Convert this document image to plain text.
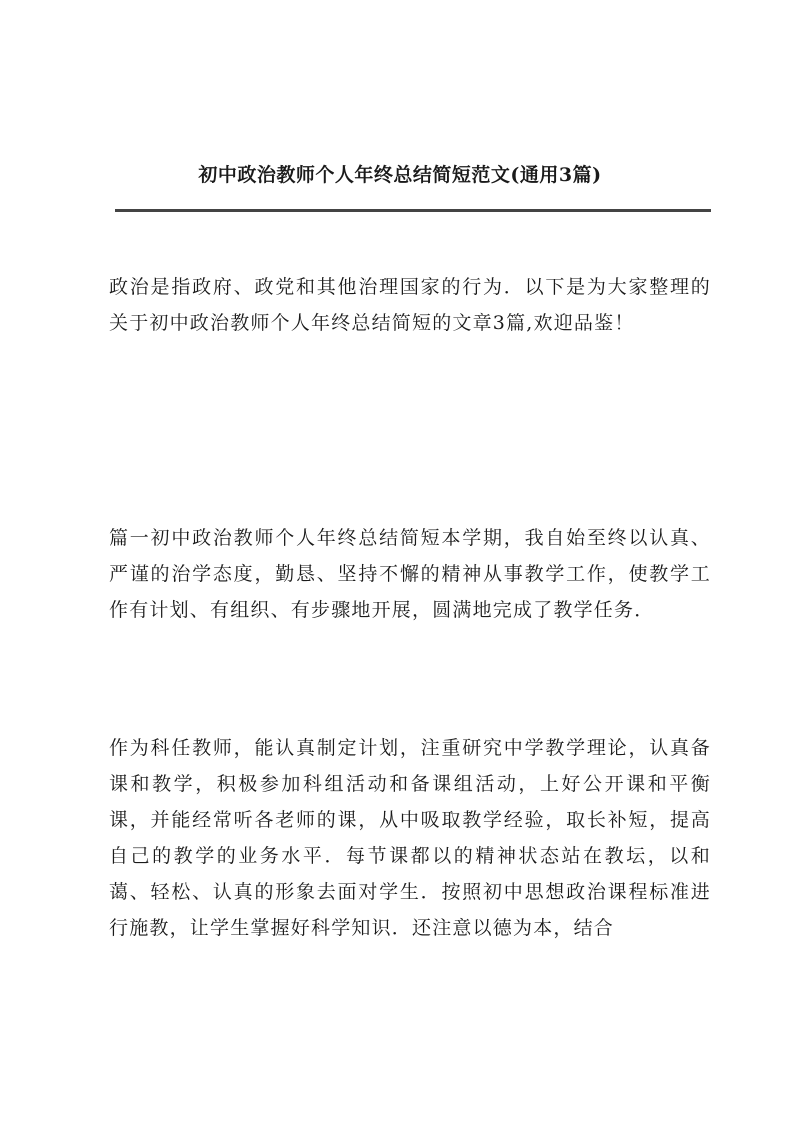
初中政治教师个人年终总结简短范文(通用3篇)

政治是指政府、政党和其他治理国家的行为．以下是为大家整理的关于初中政治教师个人年终总结简短的文章3篇,欢迎品鉴！

篇一初中政治教师个人年终总结简短本学期，我自始至终以认真、严谨的治学态度，勤恳、坚持不懈的精神从事教学工作，使教学工作有计划、有组织、有步骤地开展，圆满地完成了教学任务．

作为科任教师，能认真制定计划，注重研究中学教学理论，认真备课和教学，积极参加科组活动和备课组活动，上好公开课和平衡课，并能经常听各老师的课，从中吸取教学经验，取长补短，提高自己的教学的业务水平．每节课都以的精神状态站在教坛，以和蔼、轻松、认真的形象去面对学生．按照初中思想政治课程标准进行施教，让学生掌握好科学知识．还注意以德为本，结合
